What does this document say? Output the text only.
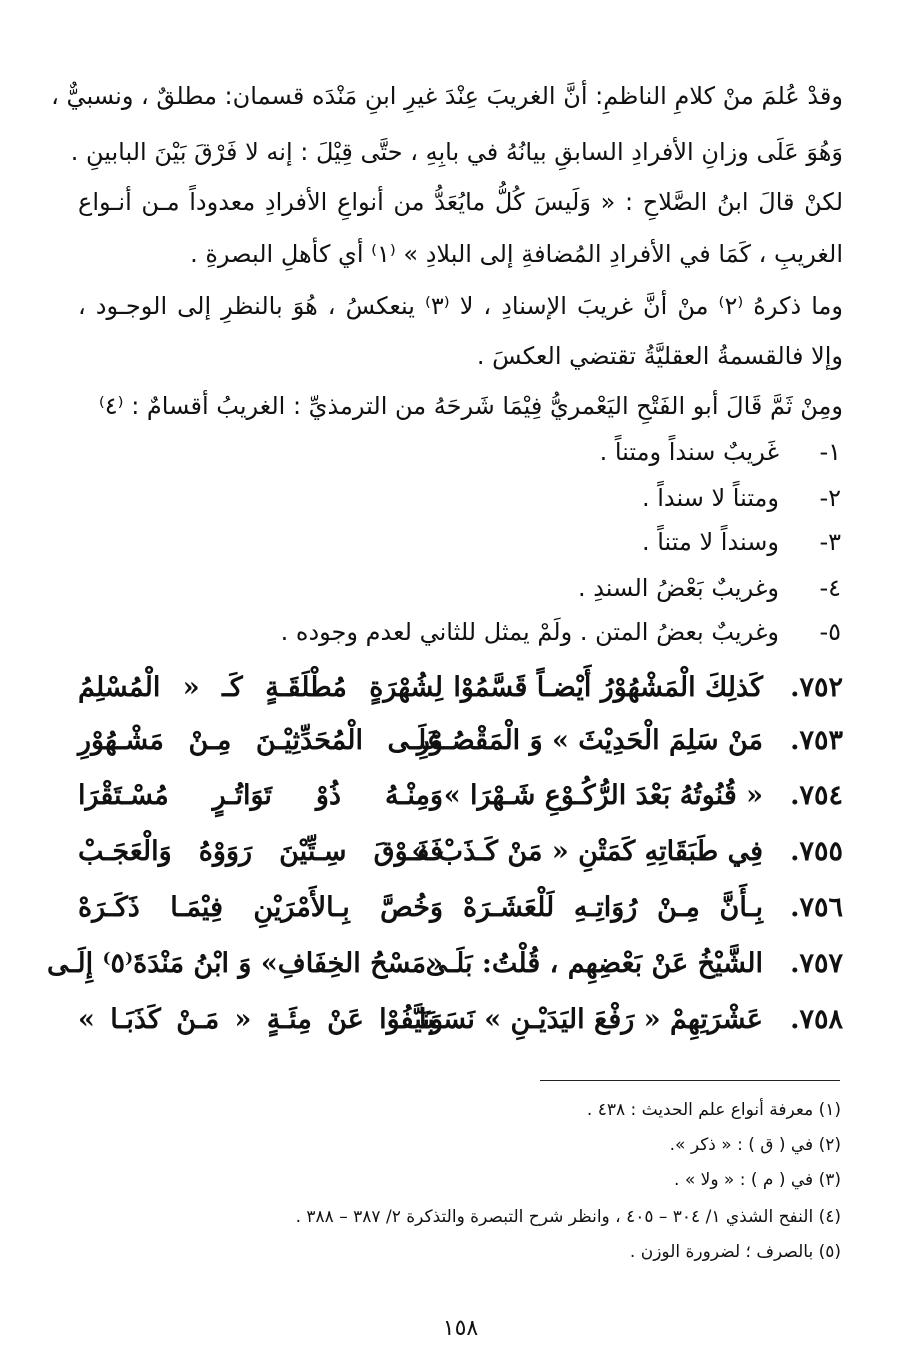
وقدْ عُلمَ منْ كلامِ الناظمِ: أنَّ الغريبَ عِنْدَ غيرِ ابنِ مَنْدَه قسمان: مطلقٌ ، ونسبيٌّ ،
وَهُوَ عَلَى وزانِ الأفرادِ السابقِ بيانُهُ في بابِهِ ، حتَّى قِيْلَ : إنه لا فَرْقَ بَيْنَ البابينِ .
لكنْ قالَ ابنُ الصَّلاحِ : « وَلَيسَ كُلُّ مايُعَدُّ من أنواعِ الأفرادِ معدوداً مـن أنـواع
الغريبِ ، كَمَا في الأفرادِ المُضافةِ إلى البلادِ » ⁽١⁾ أي كأهلِ البصرةِ .
وما ذكرهُ ⁽٢⁾ منْ أنَّ غريبَ الإسنادِ ، لا ⁽٣⁾ ينعكسُ ، هُوَ بالنظرِ إلى الوجـود ،
وإلا فالقسمةُ العقليَّةُ تقتضي العكسَ .
ومِنْ ثَمَّ قَالَ أبو الفَتْحِ اليَعْمريُّ فِيْمَا شَرحَهُ من الترمذيِّ : الغريبُ أقسامٌ : ⁽٤⁾
١-غَريبٌ سنداً ومتناً .
٢-ومتناً لا سنداً .
٣-وسنداً لا متناً .
٤-وغريبٌ بَعْضُ السندِ .
٥-وغريبٌ بعضُ المتن . ولَمْ يمثل للثاني لعدم وجوده .
٧٥٢.
كَذلِكَ الْمَشْهُوْرُ أَيْضـاً قَسَّمُوْا
لِشُهْرَةٍ مُطْلَقَـةٍ كَـ « الْمُسْلِمُ
٧٥٣.
مَنْ سَلِمَ الْحَدِيْثَ » وَ الْمَقْصُـوْرِ
عَلَـى الْمُحَدِّثِيْـنَ مِـنْ مَشْـهُوْرِ
٧٥٤.
« قُنُوتُهُ بَعْدَ الرُّكُـوْعِ شَـهْرَا »
وَمِنْـهُ ذُوْ تَوَاتُـرٍ مُسْـتَقْرَا
٧٥٥.
فِي طَبَقَاتِهِ كَمَتْنِ « مَنْ كَـذَبْ »
فَفَـوْقَ سِـتِّيْنَ رَوَوْهُ وَالْعَجَـبْ
٧٥٦.
بِـأَنَّ مِـنْ رُوَاتِـهِ لَلْعَشَـرَهْ
وَخُصَّ بِـالأَمْرَيْنِ فِيْمَـا ذَكَـرَهْ
٧٥٧.
الشَّيْخُ عَنْ بَعْضِهِم ، قُلْتُ: بَلَـى
«مَسْحُ الخِفَافِ» وَ ابْنُ مَنْدَةَ⁽٥⁾ إِلَـى
٧٥٨.
عَشْرَتِهِمْ « رَفْعَ اليَدَيْـنِ » نَسَـبَا
وَنَيَّفُوْا عَنْ مِئَـةٍ « مَـنْ كَذَبَـا »
(١) معرفة أنواع علم الحديث : ٤٣٨ .
(٢) في ( ق ) : « ذكر ».
(٣) في ( م ) : « ولا » .
(٤) النفح الشذي ١/ ٣٠٤ – ٤٠٥ ، وانظر شرح التبصرة والتذكرة ٢/ ٣٨٧ – ٣٨٨ .
(٥) بالصرف ؛ لضرورة الوزن .
١٥٨
